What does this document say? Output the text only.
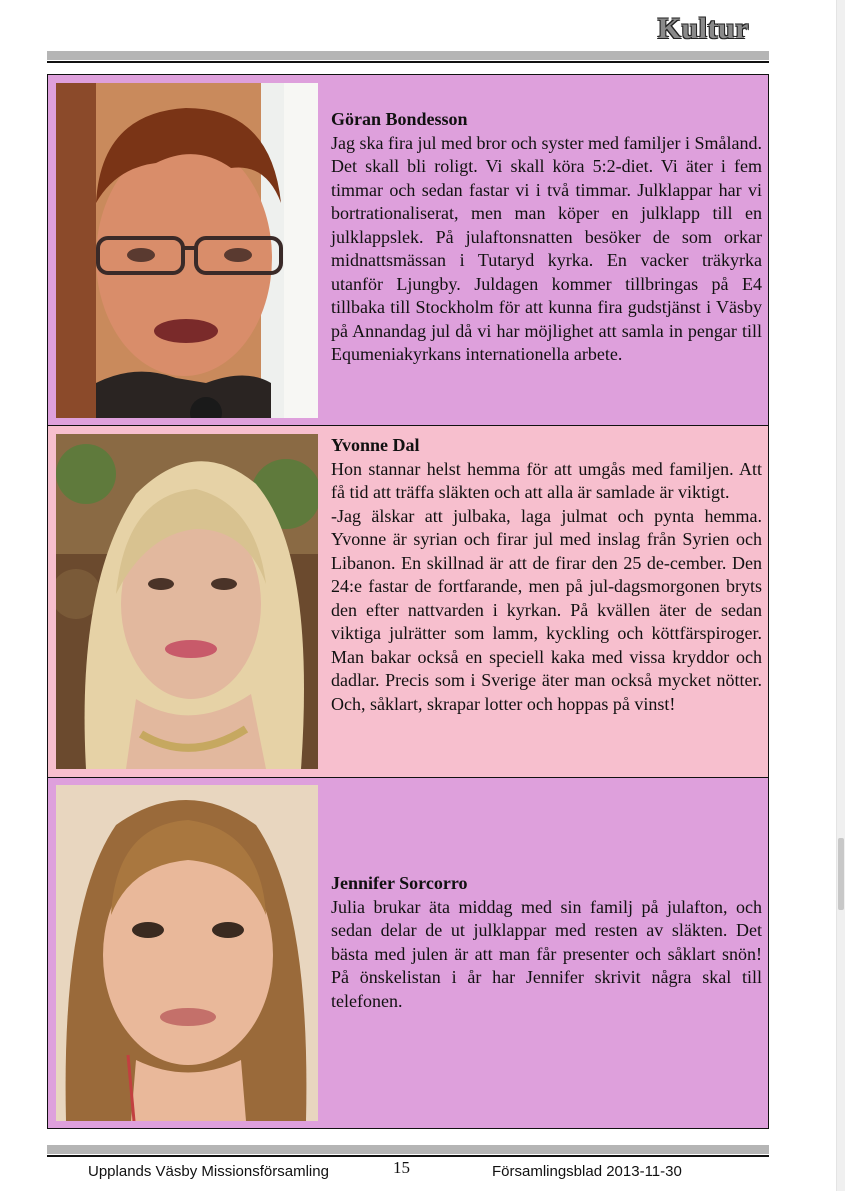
Kultur
Göran Bondesson
Jag ska fira jul med bror och syster med familjer i Småland. Det skall bli roligt. Vi skall köra 5:2-diet. Vi äter i fem timmar och sedan fastar vi i två timmar. Julklappar har vi bortrationaliserat, men man köper en julklapp till en julklappslek. På julaftonsnatten besöker de som orkar midnattsmässan i Tutaryd kyrka. En vacker träkyrka utanför Ljungby. Juldagen kommer tillbringas på E4 tillbaka till Stockholm för att kunna fira gudstjänst i Väsby på Annandag jul då vi har möjlighet att samla in pengar till Equmeniakyrkans internationella arbete.
Yvonne Dal
Hon stannar helst hemma för att umgås med familjen. Att få tid att träffa släkten och att alla är samlade är viktigt.
-Jag älskar att julbaka, laga julmat och pynta hemma. Yvonne är syrian och firar jul med inslag från Syrien och Libanon. En skillnad är att de firar den 25 de-cember. Den 24:e fastar de fortfarande, men på jul-dagsmorgonen bryts den efter nattvarden i kyrkan. På kvällen äter de sedan viktiga julrätter som lamm, kyckling och köttfärspiroger. Man bakar också en speciell kaka med vissa kryddor och dadlar. Precis som i Sverige äter man också mycket nötter. Och, såklart, skrapar lotter och hoppas på vinst!
Jennifer Sorcorro
Julia brukar äta middag med sin familj på julafton, och sedan delar de ut julklappar med resten av släkten. Det bästa med julen är att man får presenter och såklart snön! På önskelistan i år har Jennifer skrivit några skal till telefonen.
Upplands Väsby Missionsförsamling	15	Församlingsblad 2013-11-30
